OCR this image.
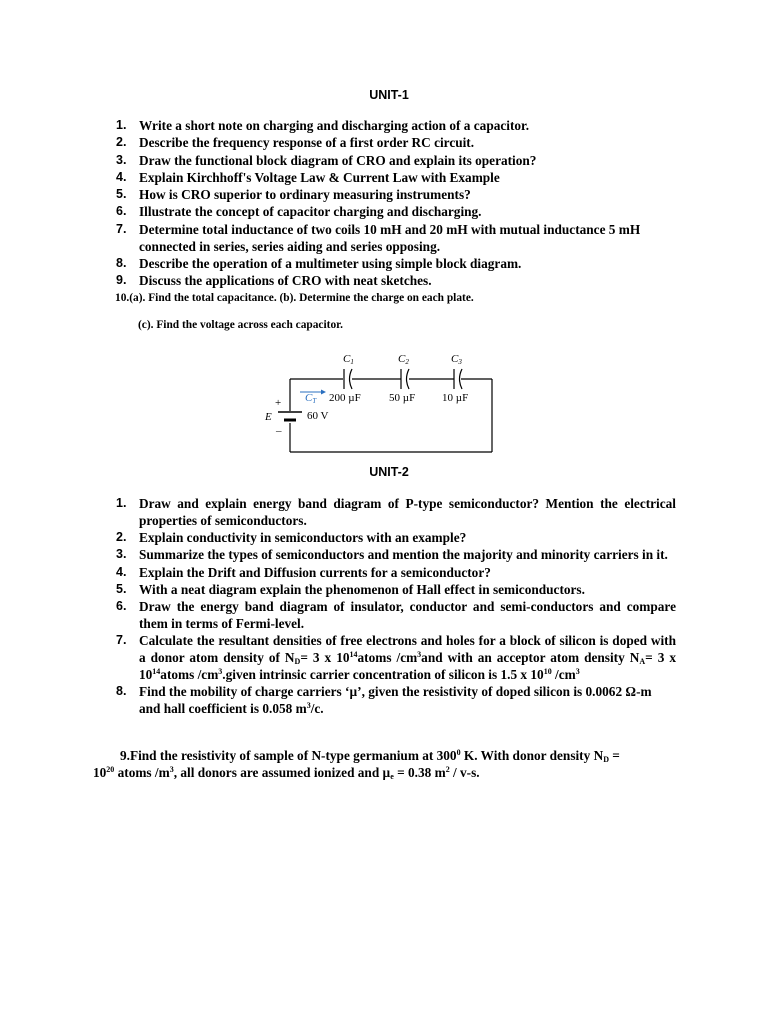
UNIT-1
1. Write a short note on charging and discharging action of a capacitor.
2. Describe the frequency response of a first order RC circuit.
3. Draw the functional block diagram of CRO and explain its operation?
4. Explain Kirchhoff's Voltage Law & Current Law with Example
5. How is CRO superior to ordinary measuring instruments?
6. Illustrate the concept of capacitor charging and discharging.
7. Determine total inductance of two coils 10 mH and 20 mH with mutual inductance 5 mH connected in series, series aiding and series opposing.
8. Describe the operation of a multimeter using simple block diagram.
9. Discuss the applications of CRO with neat sketches.
10.(a). Find the total capacitance. (b). Determine the charge on each plate.
(c). Find the voltage across each capacitor.
C1	C2	C3
CT 200 µF	50 µF 10 µF
+
E
–
60 V
UNIT-2
1. Draw and explain energy band diagram of P-type semiconductor? Mention the electrical properties of semiconductors.
2. Explain conductivity in semiconductors with an example?
3. Summarize the types of semiconductors and mention the majority and minority carriers in it.
4. Explain the Drift and Diffusion currents for a semiconductor?
5. With a neat diagram explain the phenomenon of Hall effect in semiconductors.
6. Draw the energy band diagram of insulator, conductor and semi-conductors and compare them in terms of Fermi-level.
7. Calculate the resultant densities of free electrons and holes for a block of silicon is doped with a donor atom density of $N_D= 3$ x $10^{14}atoms$ $/cm^3and$ with an acceptor atom density $N_A= 3$ x $10^{14}atoms$ $/cm^3.given$ intrinsic carrier concentration of silicon is 1.5 x $10^{10}$ $/cm^3$
8. Find the mobility of charge carriers ‘µ’, given the resistivity of doped silicon is 0.0062 Ω-m and hall coefficient is 0.058 $m^3/c$.
9.Find the resistivity of sample of N-type germanium at $300^0$ K. With donor density $N_D$ =
$10^{20}$ atoms $/m^3$, all donors are assumed ionized and µ$_e$ = 0.38 $m^2 / v-s$.
